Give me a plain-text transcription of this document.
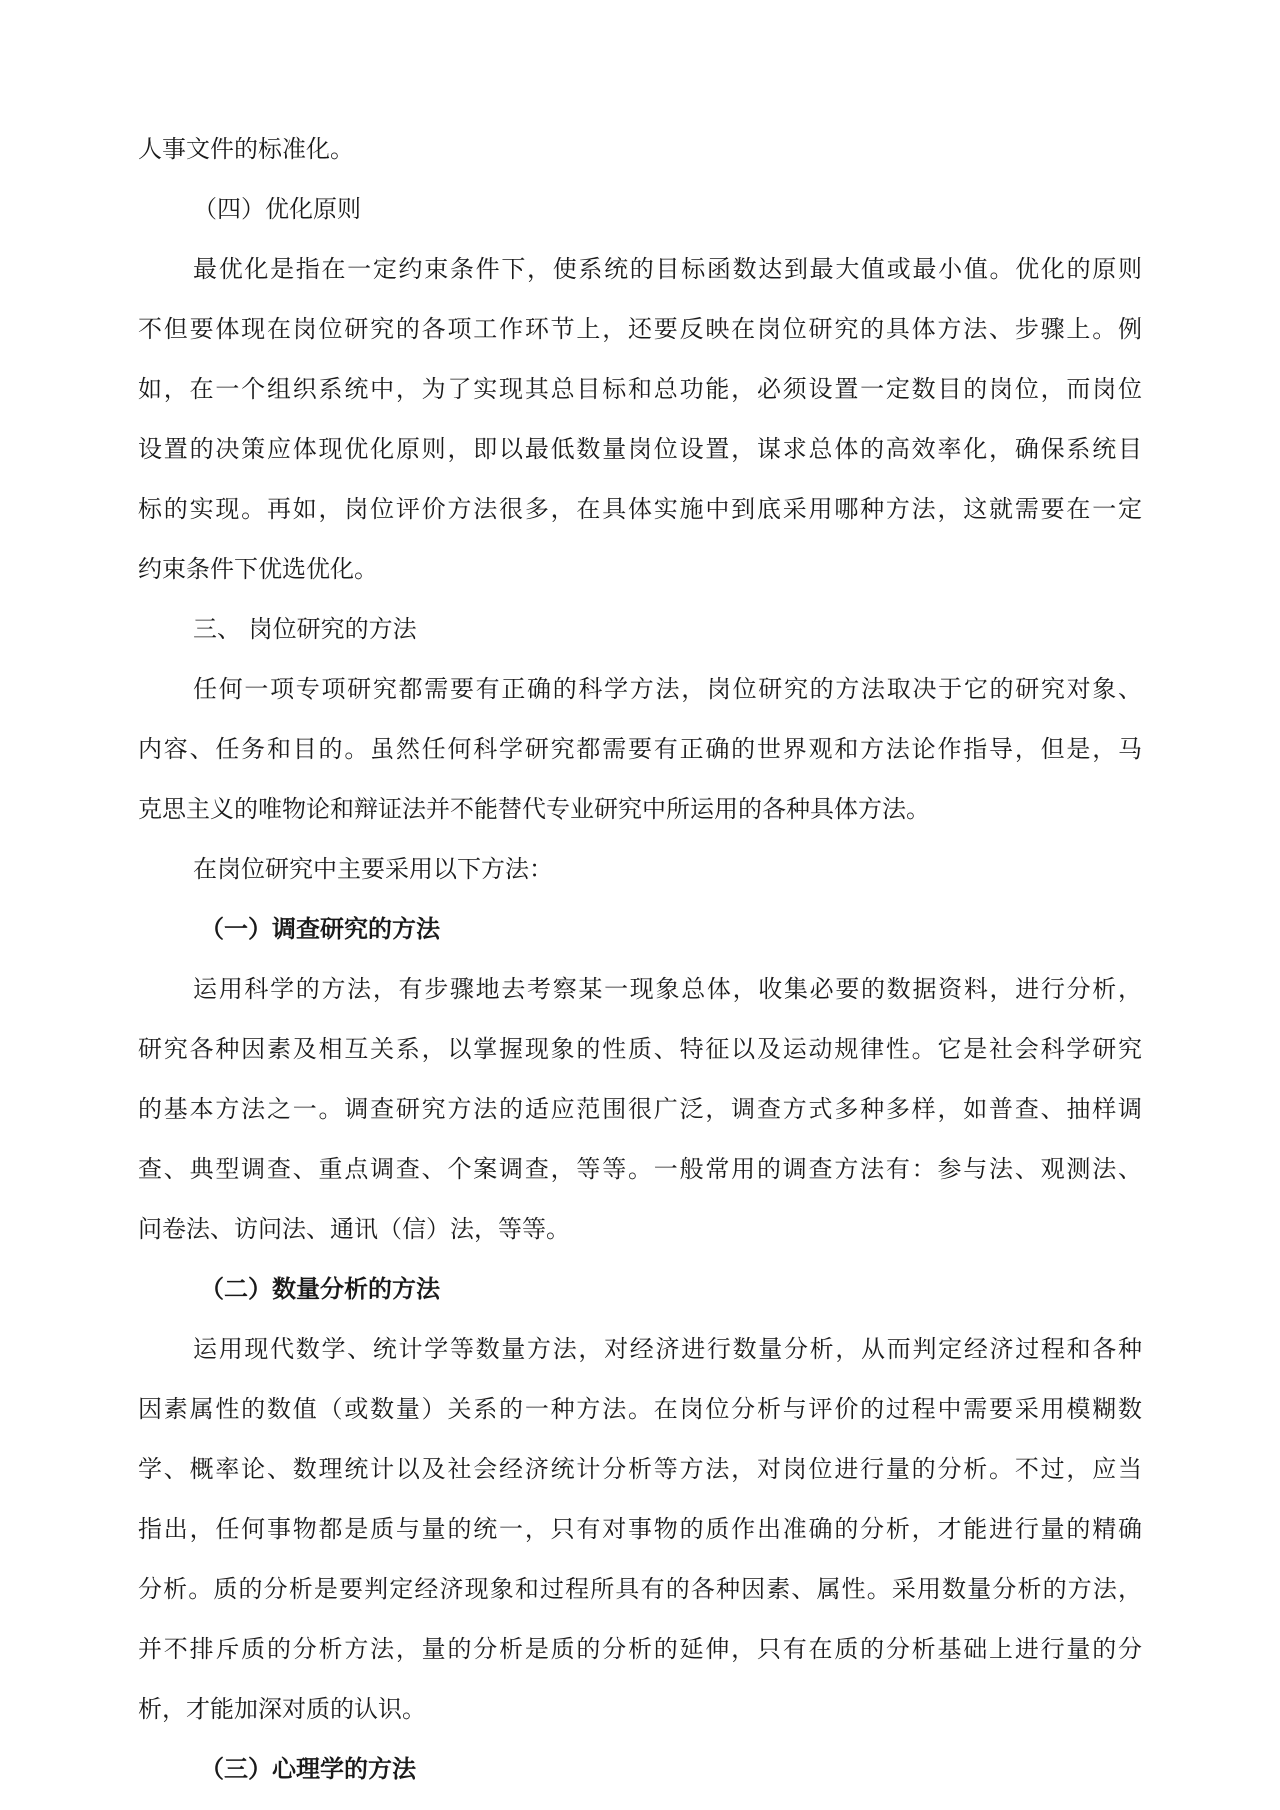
人事文件的标准化。
（四）优化原则
最优化是指在一定约束条件下，使系统的目标函数达到最大值或最小值。优化的原则
不但要体现在岗位研究的各项工作环节上，还要反映在岗位研究的具体方法、步骤上。例
如，在一个组织系统中，为了实现其总目标和总功能，必须设置一定数目的岗位，而岗位
设置的决策应体现优化原则，即以最低数量岗位设置，谋求总体的高效率化，确保系统目
标的实现。再如，岗位评价方法很多，在具体实施中到底采用哪种方法，这就需要在一定
约束条件下优选优化。
三、 岗位研究的方法
任何一项专项研究都需要有正确的科学方法，岗位研究的方法取决于它的研究对象、
内容、任务和目的。虽然任何科学研究都需要有正确的世界观和方法论作指导，但是，马
克思主义的唯物论和辩证法并不能替代专业研究中所运用的各种具体方法。
在岗位研究中主要采用以下方法：
（一）调查研究的方法
运用科学的方法，有步骤地去考察某一现象总体，收集必要的数据资料，进行分析，
研究各种因素及相互关系，以掌握现象的性质、特征以及运动规律性。它是社会科学研究
的基本方法之一。调查研究方法的适应范围很广泛，调查方式多种多样，如普查、抽样调
查、典型调查、重点调查、个案调查，等等。一般常用的调查方法有：参与法、观测法、
问卷法、访问法、通讯（信）法，等等。
（二）数量分析的方法
运用现代数学、统计学等数量方法，对经济进行数量分析，从而判定经济过程和各种
因素属性的数值（或数量）关系的一种方法。在岗位分析与评价的过程中需要采用模糊数
学、概率论、数理统计以及社会经济统计分析等方法，对岗位进行量的分析。不过，应当
指出，任何事物都是质与量的统一，只有对事物的质作出准确的分析，才能进行量的精确
分析。质的分析是要判定经济现象和过程所具有的各种因素、属性。采用数量分析的方法，
并不排斥质的分析方法，量的分析是质的分析的延伸，只有在质的分析基础上进行量的分
析，才能加深对质的认识。
（三）心理学的方法
